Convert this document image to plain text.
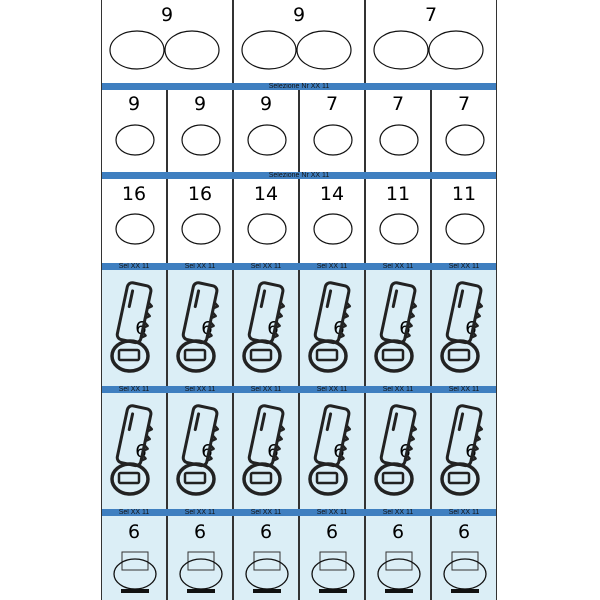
9	9	7
Selezione Nr XX 11
9	9	9	7	7	7
Selezione Nr XX 11
16	16	14	14	11	11
Sel XX 11	Sel XX 11	Sel XX 11	Sel XX 11	Sel XX 11	Sel XX 11
6	6	6	6	6	6
Sel XX 11	Sel XX 11	Sel XX 11	Sel XX 11	Sel XX 11	Sel XX 11
6	6	6	6	6	6
Sel XX 11	Sel XX 11	Sel XX 11	Sel XX 11	Sel XX 11	Sel XX 11
6	6	6	6	6	6
